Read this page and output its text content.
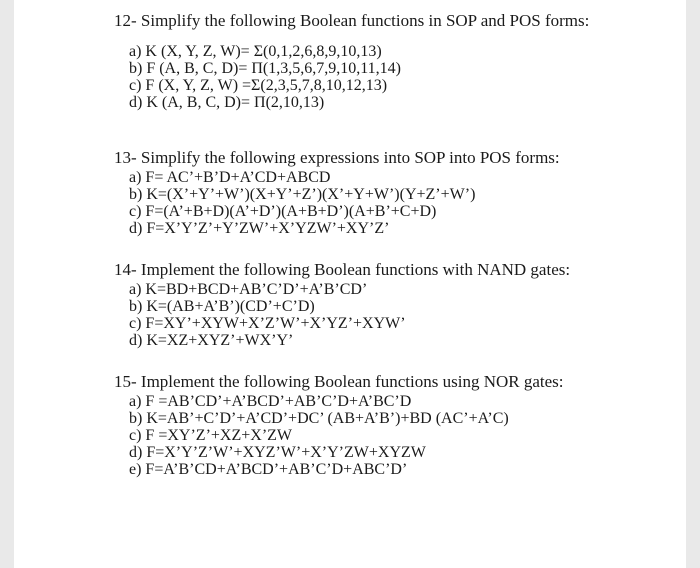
12- Simplify the following Boolean functions in SOP and POS forms:
a) K (X, Y, Z, W)= Σ(0,1,2,6,8,9,10,13)
b) F (A, B, C, D)= Π(1,3,5,6,7,9,10,11,14)
c) F (X, Y, Z, W) =Σ(2,3,5,7,8,10,12,13)
d) K (A, B, C, D)= Π(2,10,13)
13- Simplify the following expressions into SOP into POS forms:
a) F= AC’+B’D+A’CD+ABCD
b) K=(X’+Y’+W’)(X+Y’+Z’)(X’+Y+W’)(Y+Z’+W’)
c) F=(A’+B+D)(A’+D’)(A+B+D’)(A+B’+C+D)
d) F=X’Y’Z’+Y’ZW’+X’YZW’+XY’Z’
14- Implement the following Boolean functions with NAND gates:
a) K=BD+BCD+AB’C’D’+A’B’CD’
b) K=(AB+A’B’)(CD’+C’D)
c) F=XY’+XYW+X’Z’W’+X’YZ’+XYW’
d) K=XZ+XYZ’+WX’Y’
15- Implement the following Boolean functions using NOR gates:
a) F =AB’CD’+A’BCD’+AB’C’D+A’BC’D
b) K=AB’+C’D’+A’CD’+DC’ (AB+A’B’)+BD (AC’+A’C)
c) F =XY’Z’+XZ+X’ZW
d) F=X’Y’Z’W’+XYZ’W’+X’Y’ZW+XYZW
e) F=A’B’CD+A’BCD’+AB’C’D+ABC’D’
